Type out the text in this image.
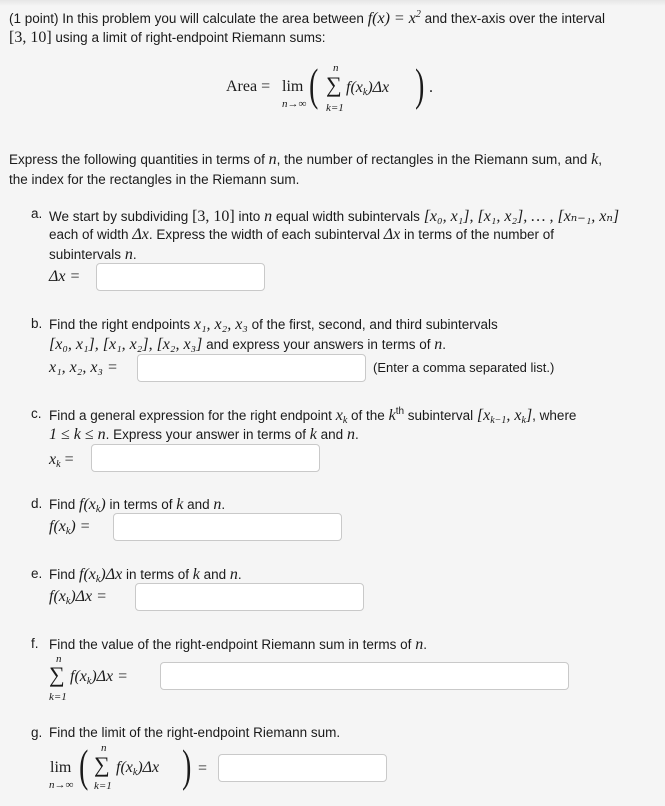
(1 point) In this problem you will calculate the area between $f(x) = x^2$ and thex-axis over the interval
[3, 10] using a limit of right-endpoint Riemann sums:
Area = lim
n→∞ ( n
∑
k=1
$f(x_k)\Delta x$ ) .
Express the following quantities in terms of n, the number of rectangles in the Riemann sum, and k,
the index for the rectangles in the Riemann sum.
a. We start by subdividing [3, 10] into n equal width subintervals [x₀, x₁], [x₁, x₂], … , [xₙ₋₁, xₙ]
each of width Δx. Express the width of each subinterval Δx in terms of the number of
subintervals n.
Δx =
b. Find the right endpoints x₁, x₂, x₃ of the first, second, and third subintervals
[x₀, x₁], [x₁, x₂], [x₂, x₃] and express your answers in terms of n.
x₁, x₂, x₃ =	(Enter a comma separated list.)
c. Find a general expression for the right endpoint $x_k$ of the $k^{th}$ subinterval [$x_{k-1}$, $x_k$], where
1 ≤ k ≤ n. Express your answer in terms of k and n.
$x_k$ =
d. Find $f(x_k)$ in terms of k and n.
$f(x_k)$ =
e. Find $f(x_k)\Delta x$ in terms of k and n.
$f(x_k)\Delta x$ =
f. Find the value of the right-endpoint Riemann sum in terms of n.
n
∑
k=1
$f(x_k)\Delta x$ =
g. Find the limit of the right-endpoint Riemann sum.
lim
n→∞ ( n
∑
k=1
$f(x_k)\Delta x$ ) =
